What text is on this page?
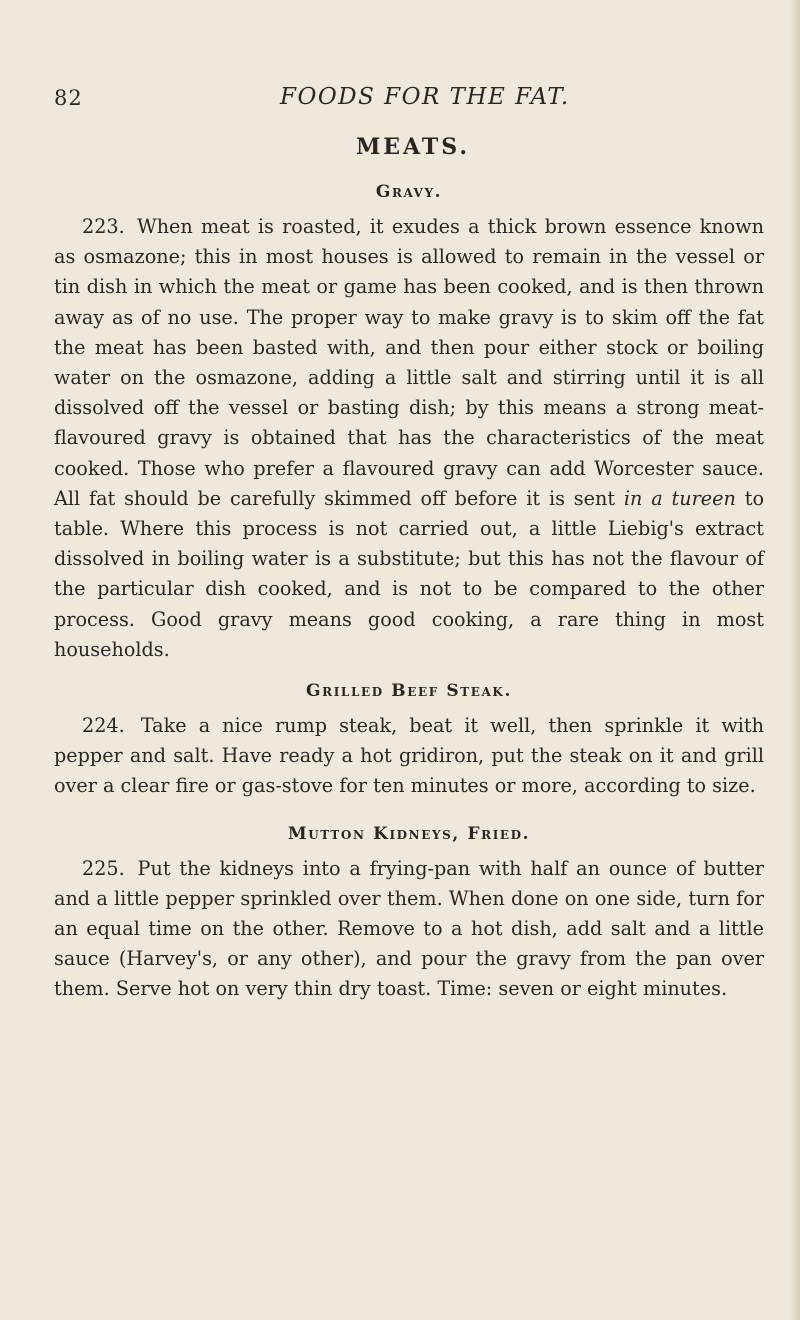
82	FOODS FOR THE FAT.
MEATS.
Gravy.

223. When meat is roasted, it exudes a thick brown essence known as osmazone; this in most houses is allowed to remain in the vessel or tin dish in which the meat or game has been cooked, and is then thrown away as of no use. The proper way to make gravy is to skim off the fat the meat has been basted with, and then pour either stock or boiling water on the osmazone, adding a little salt and stirring until it is all dissolved off the vessel or basting dish; by this means a strong meat-flavoured gravy is obtained that has the characteristics of the meat cooked. Those who prefer a flavoured gravy can add Worcester sauce. All fat should be carefully skimmed off before it is sent in a tureen to table. Where this process is not carried out, a little Liebig's extract dissolved in boiling water is a substitute; but this has not the flavour of the particular dish cooked, and is not to be compared to the other process. Good gravy means good cooking, a rare thing in most households.

Grilled Beef Steak.

224. Take a nice rump steak, beat it well, then sprinkle it with pepper and salt. Have ready a hot gridiron, put the steak on it and grill over a clear fire or gas-stove for ten minutes or more, according to size.

Mutton Kidneys, Fried.

225. Put the kidneys into a frying-pan with half an ounce of butter and a little pepper sprinkled over them. When done on one side, turn for an equal time on the other. Remove to a hot dish, add salt and a little sauce (Harvey's, or any other), and pour the gravy from the pan over them. Serve hot on very thin dry toast. Time: seven or eight minutes.
